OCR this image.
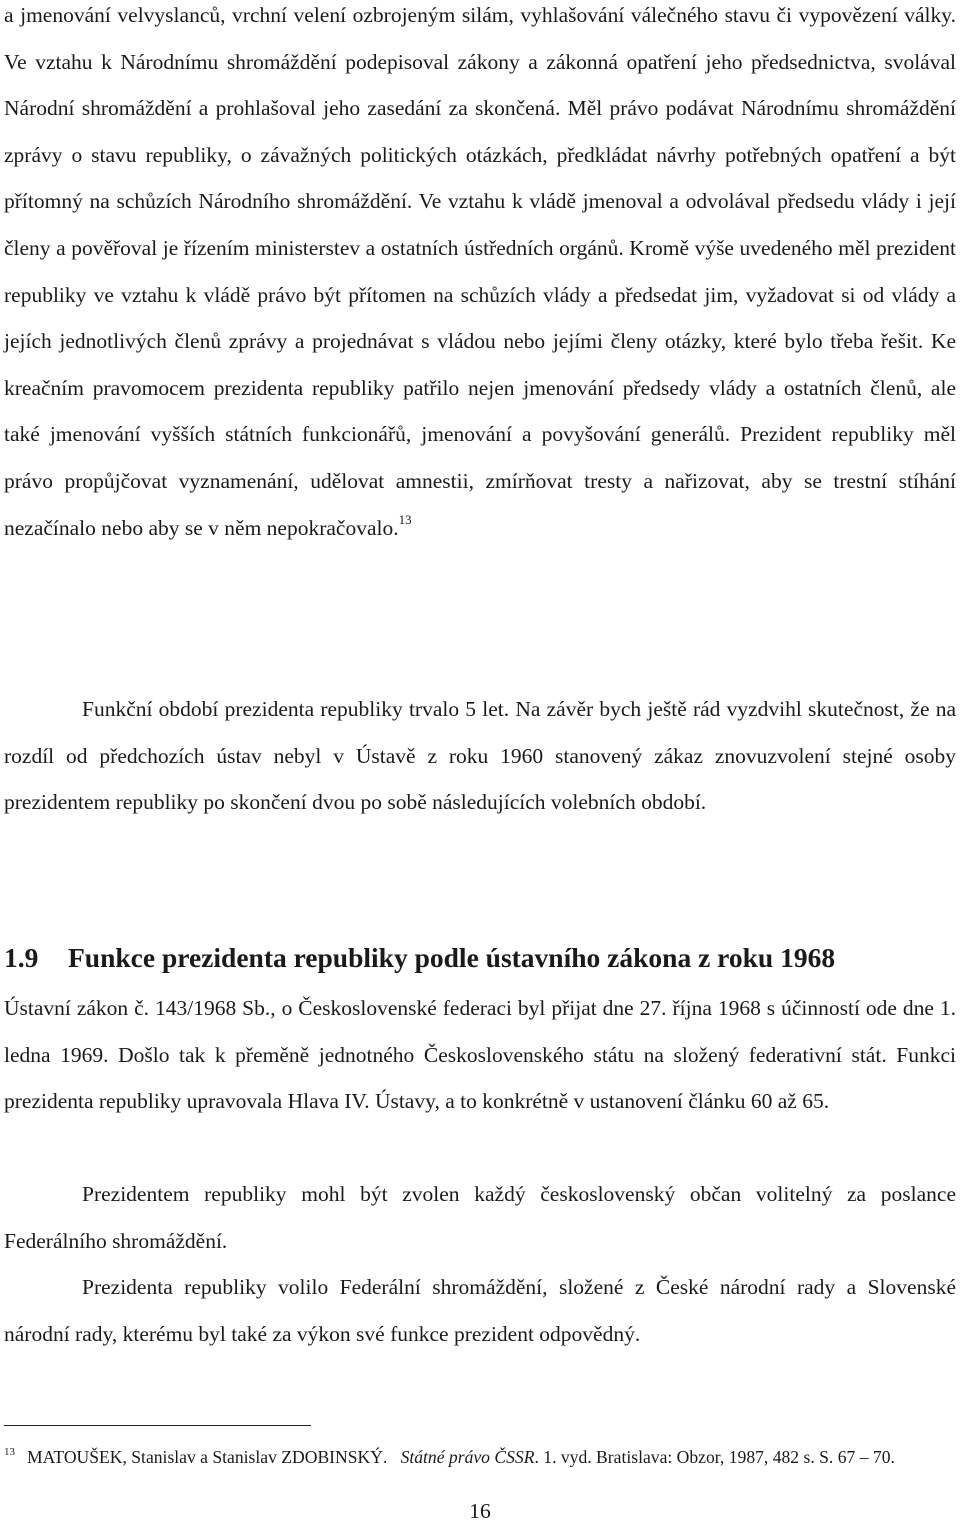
a jmenování velvyslanců, vrchní velení ozbrojeným silám, vyhlašování válečného stavu či vypovězení války. Ve vztahu k Národnímu shromáždění podepisoval zákony a zákonná opatření jeho předsednictva, svolával Národní shromáždění a prohlašoval jeho zasedání za skončená. Měl právo podávat Národnímu shromáždění zprávy o stavu republiky, o závažných politických otázkách, předkládat návrhy potřebných opatření a být přítomný na schůzích Národního shromáždění. Ve vztahu k vládě jmenoval a odvolával předsedu vlády i její členy a pověřoval je řízením ministerstev a ostatních ústředních orgánů. Kromě výše uvedeného měl prezident republiky ve vztahu k vládě právo být přítomen na schůzích vlády a předsedat jim, vyžadovat si od vlády a jejích jednotlivých členů zprávy a projednávat s vládou nebo jejími členy otázky, které bylo třeba řešit. Ke kreačním pravomocem prezidenta republiky patřilo nejen jmenování předsedy vlády a ostatních členů, ale také jmenování vyšších státních funkcionářů, jmenování a povyšování generálů. Prezident republiky měl právo propůjčovat vyznamenání, udělovat amnestii, zmírňovat tresty a nařizovat, aby se trestní stíhání nezačínalo nebo aby se v něm nepokračovalo.$^{13}$

Funkční období prezidenta republiky trvalo 5 let. Na závěr bych ještě rád vyzdvihl skutečnost, že na rozdíl od předchozích ústav nebyl v Ústavě z roku 1960 stanovený zákaz znovuzvolení stejné osoby prezidentem republiky po skončení dvou po sobě následujících volebních období.

1.9 Funkce prezidenta republiky podle ústavního zákona z roku 1968

Ústavní zákon č. 143/1968 Sb., o Československé federaci byl přijat dne 27. října 1968 s účinností ode dne 1. ledna 1969. Došlo tak k přeměně jednotného Československého státu na složený federativní stát. Funkci prezidenta republiky upravovala Hlava IV. Ústavy, a to konkrétně v ustanovení článku 60 až 65.

Prezidentem republiky mohl být zvolen každý československý občan volitelný za poslance Federálního shromáždění.

Prezidenta republiky volilo Federální shromáždění, složené z České národní rady a Slovenské národní rady, kterému byl také za výkon své funkce prezident odpovědný.

$^{13}$ MATOUŠEK, Stanislav a Stanislav ZDOBINSKÝ. Státné právo ČSSR. 1. vyd. Bratislava: Obzor, 1987, 482 s. S. 67 – 70.

16
